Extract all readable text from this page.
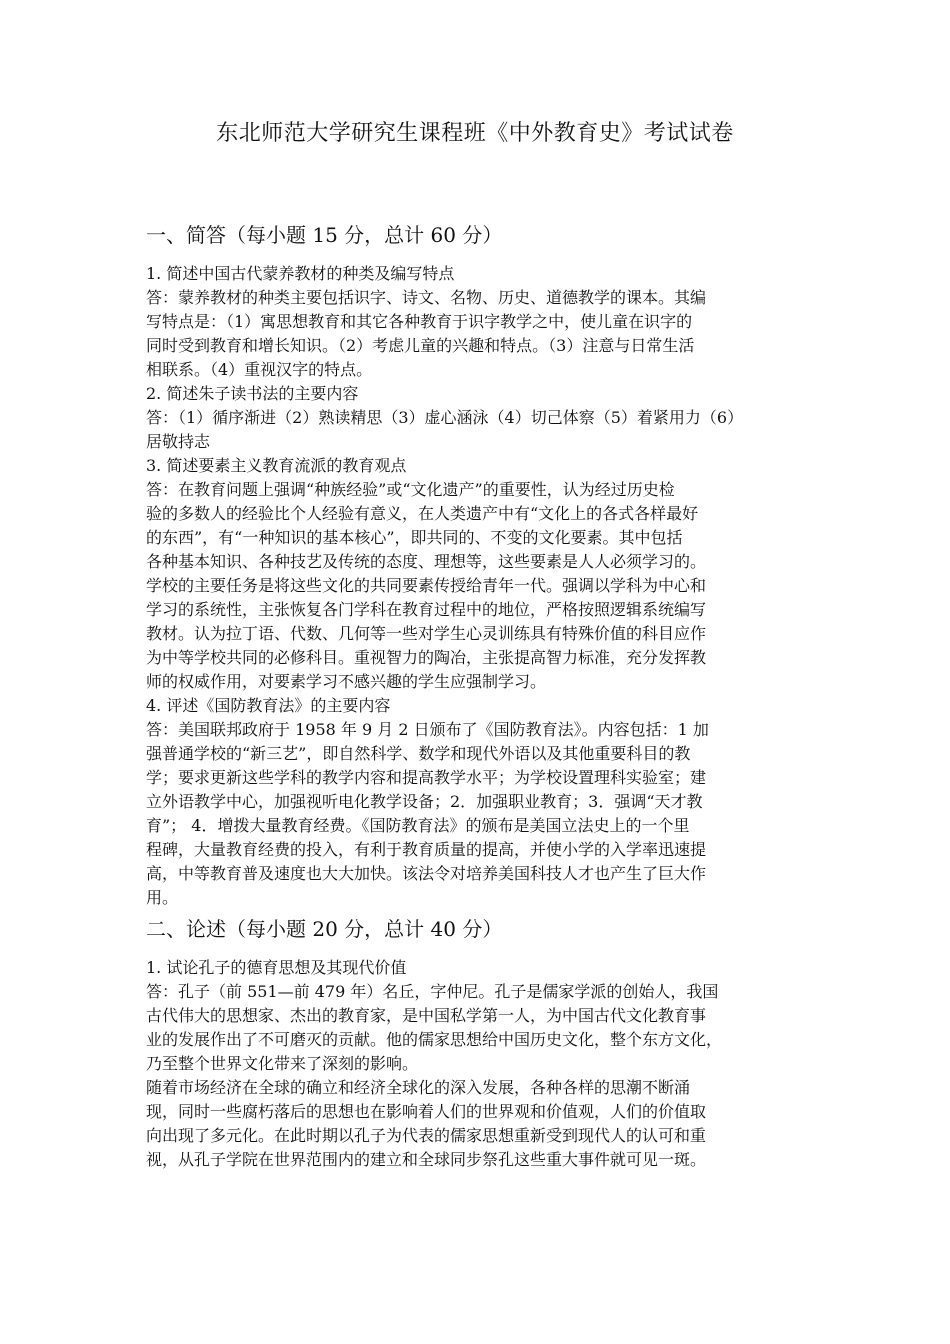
东北师范大学研究生课程班《中外教育史》考试试卷
一、简答（每小题 15 分，总计 60 分）

1. 简述中国古代蒙养教材的种类及编写特点

答：蒙养教材的种类主要包括识字、诗文、名物、历史、道德教学的课本。其编

写特点是：（1）寓思想教育和其它各种教育于识字教学之中，使儿童在识字的

同时受到教育和增长知识。（2）考虑儿童的兴趣和特点。（3）注意与日常生活

相联系。（4）重视汉字的特点。

2. 简述朱子读书法的主要内容

答：（1）循序渐进（2）熟读精思（3）虚心涵泳（4）切己体察（5）着紧用力（6）

居敬持志

3. 简述要素主义教育流派的教育观点

答：在教育问题上强调“种族经验”或“文化遗产”的重要性，认为经过历史检

验的多数人的经验比个人经验有意义，在人类遗产中有“文化上的各式各样最好

的东西”，有“一种知识的基本核心”，即共同的、不变的文化要素。其中包括

各种基本知识、各种技艺及传统的态度、理想等，这些要素是人人必须学习的。

学校的主要任务是将这些文化的共同要素传授给青年一代。强调以学科为中心和

学习的系统性，主张恢复各门学科在教育过程中的地位，严格按照逻辑系统编写

教材。认为拉丁语、代数、几何等一些对学生心灵训练具有特殊价值的科目应作

为中等学校共同的必修科目。重视智力的陶冶，主张提高智力标准，充分发挥教

师的权威作用，对要素学习不感兴趣的学生应强制学习。

4. 评述《国防教育法》的主要内容

答：美国联邦政府于 1958 年 9 月 2 日颁布了《国防教育法》。内容包括：1 加

强普通学校的“新三艺”，即自然科学、数学和现代外语以及其他重要科目的教

学；要求更新这些学科的教学内容和提高教学水平；为学校设置理科实验室；建

立外语教学中心，加强视听电化教学设备；2．加强职业教育；3．强调“天才教

育”； 4．增拨大量教育经费。《国防教育法》的颁布是美国立法史上的一个里

程碑，大量教育经费的投入，有利于教育质量的提高，并使小学的入学率迅速提

高，中等教育普及速度也大大加快。该法令对培养美国科技人才也产生了巨大作

用。

二、论述（每小题 20 分，总计 40 分）

1. 试论孔子的德育思想及其现代价值

答：孔子（前 551—前 479 年）名丘，字仲尼。孔子是儒家学派的创始人，我国

古代伟大的思想家、杰出的教育家，是中国私学第一人，为中国古代文化教育事

业的发展作出了不可磨灭的贡献。他的儒家思想给中国历史文化，整个东方文化，

乃至整个世界文化带来了深刻的影响。

随着市场经济在全球的确立和经济全球化的深入发展，各种各样的思潮不断涌

现，同时一些腐朽落后的思想也在影响着人们的世界观和价值观，人们的价值取

向出现了多元化。在此时期以孔子为代表的儒家思想重新受到现代人的认可和重

视，从孔子学院在世界范围内的建立和全球同步祭孔这些重大事件就可见一斑。
